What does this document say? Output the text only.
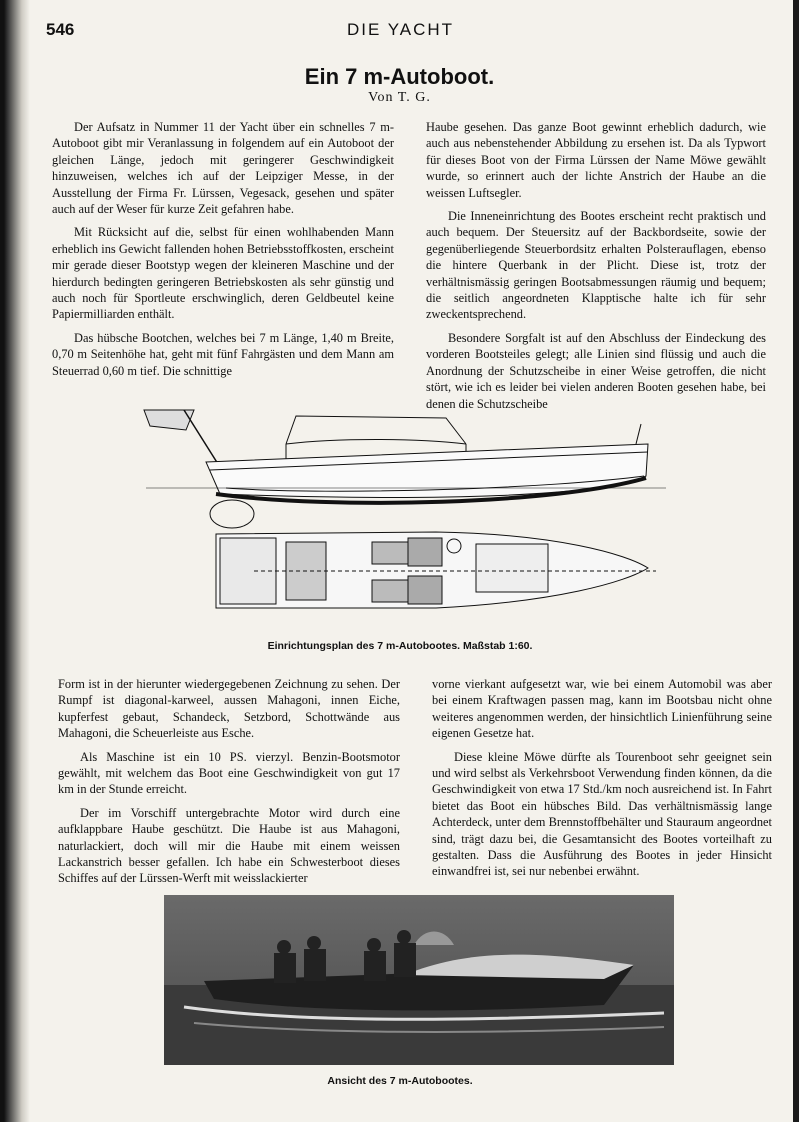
546	DIE YACHT
Ein 7 m-Autoboot.
Von T. G.

Der Aufsatz in Nummer 11 der Yacht über ein schnelles 7 m-Autoboot gibt mir Veranlassung in folgendem auf ein Autoboot der gleichen Länge, jedoch mit geringerer Geschwindigkeit hinzuweisen, welches ich auf der Leipziger Messe, in der Ausstellung der Firma Fr. Lürssen, Vegesack, gesehen und später auch auf der Weser für kurze Zeit gefahren habe.

Mit Rücksicht auf die, selbst für einen wohlhabenden Mann erheblich ins Gewicht fallenden hohen Betriebsstoffkosten, erscheint mir gerade dieser Bootstyp wegen der kleineren Maschine und der hierdurch bedingten geringeren Betriebskosten als sehr günstig und auch noch für Sportleute erschwinglich, deren Geldbeutel keine Papiermilliarden enthält.

Das hübsche Bootchen, welches bei 7 m Länge, 1,40 m Breite, 0,70 m Seitenhöhe hat, geht mit fünf Fahrgästen und dem Mann am Steuerrad 0,60 m tief. Die schnittige

Haube gesehen. Das ganze Boot gewinnt erheblich dadurch, wie auch aus nebenstehender Abbildung zu ersehen ist. Da als Typwort für dieses Boot von der Firma Lürssen der Name Möwe gewählt wurde, so erinnert auch der lichte Anstrich der Haube an die weissen Luftsegler.

Die Inneneinrichtung des Bootes erscheint recht praktisch und auch bequem. Der Steuersitz auf der Backbordseite, sowie der gegenüberliegende Steuerbordsitz erhalten Polsterauflagen, ebenso die hintere Querbank in der Plicht. Diese ist, trotz der verhältnismässig geringen Bootsabmessungen räumig und bequem; die seitlich angeordneten Klapptische halte ich für sehr zweckentsprechend.

Besondere Sorgfalt ist auf den Abschluss der Eindeckung des vorderen Bootsteiles gelegt; alle Linien sind flüssig und auch die Anordnung der Schutzscheibe in einer Weise getroffen, die nicht stört, wie ich es leider bei vielen anderen Booten gesehen habe, bei denen die Schutzscheibe

Einrichtungsplan des 7 m-Autobootes. Maßstab 1:60.

Form ist in der hierunter wiedergegebenen Zeichnung zu sehen. Der Rumpf ist diagonal-karweel, aussen Mahagoni, innen Eiche, kupferfest gebaut, Schandeck, Setzbord, Schottwände aus Mahagoni, die Scheuerleiste aus Esche.

Als Maschine ist ein 10 PS. vierzyl. Benzin-Bootsmotor gewählt, mit welchem das Boot eine Geschwindigkeit von gut 17 km in der Stunde erreicht.

Der im Vorschiff untergebrachte Motor wird durch eine aufklappbare Haube geschützt. Die Haube ist aus Mahagoni, naturlackiert, doch will mir die Haube mit einem weissen Lackanstrich besser gefallen. Ich habe ein Schwesterboot dieses Schiffes auf der Lürssen-Werft mit weisslackierter

vorne vierkant aufgesetzt war, wie bei einem Automobil was aber bei einem Kraftwagen passen mag, kann im Bootsbau nicht ohne weiteres angenommen werden, der hinsichtlich Linienführung seine eigenen Gesetze hat.

Diese kleine Möwe dürfte als Tourenboot sehr geeignet sein und wird selbst als Verkehrsboot Verwendung finden können, da die Geschwindigkeit von etwa 17 Std./km noch ausreichend ist. In Fahrt bietet das Boot ein hübsches Bild. Das verhältnismässig lange Achterdeck, unter dem Brennstoffbehälter und Stauraum angeordnet sind, trägt dazu bei, die Gesamtansicht des Bootes vorteilhaft zu gestalten. Dass die Ausführung des Bootes in jeder Hinsicht einwandfrei ist, sei nur nebenbei erwähnt.

Ansicht des 7 m-Autobootes.
